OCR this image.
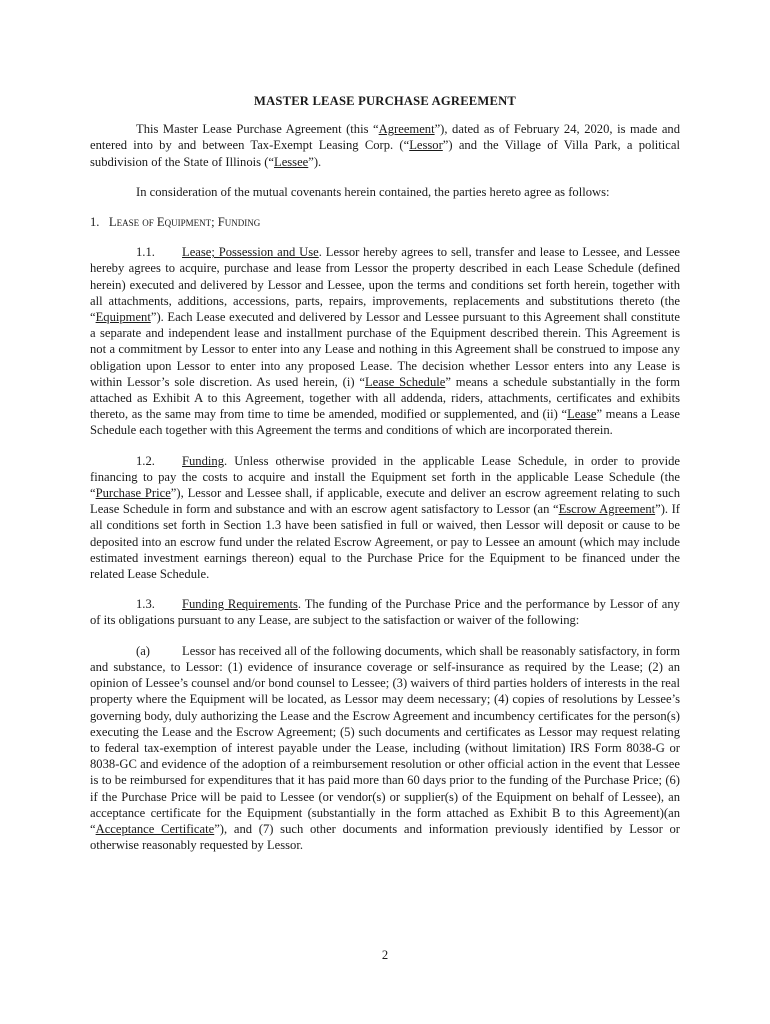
MASTER LEASE PURCHASE AGREEMENT

This Master Lease Purchase Agreement (this “Agreement”), dated as of February 24, 2020, is made and entered into by and between Tax-Exempt Leasing Corp. (“Lessor”) and the Village of Villa Park, a political subdivision of the State of Illinois (“Lessee”).

In consideration of the mutual covenants herein contained, the parties hereto agree as follows:

1. Lease of Equipment; Funding

1.1. Lease; Possession and Use. Lessor hereby agrees to sell, transfer and lease to Lessee, and Lessee hereby agrees to acquire, purchase and lease from Lessor the property described in each Lease Schedule (defined herein) executed and delivered by Lessor and Lessee, upon the terms and conditions set forth herein, together with all attachments, additions, accessions, parts, repairs, improvements, replacements and substitutions thereto (the “Equipment”). Each Lease executed and delivered by Lessor and Lessee pursuant to this Agreement shall constitute a separate and independent lease and installment purchase of the Equipment described therein. This Agreement is not a commitment by Lessor to enter into any Lease and nothing in this Agreement shall be construed to impose any obligation upon Lessor to enter into any proposed Lease. The decision whether Lessor enters into any Lease is within Lessor’s sole discretion. As used herein, (i) “Lease Schedule” means a schedule substantially in the form attached as Exhibit A to this Agreement, together with all addenda, riders, attachments, certificates and exhibits thereto, as the same may from time to time be amended, modified or supplemented, and (ii) “Lease” means a Lease Schedule each together with this Agreement the terms and conditions of which are incorporated therein.

1.2. Funding. Unless otherwise provided in the applicable Lease Schedule, in order to provide financing to pay the costs to acquire and install the Equipment set forth in the applicable Lease Schedule (the “Purchase Price”), Lessor and Lessee shall, if applicable, execute and deliver an escrow agreement relating to such Lease Schedule in form and substance and with an escrow agent satisfactory to Lessor (an “Escrow Agreement”). If all conditions set forth in Section 1.3 have been satisfied in full or waived, then Lessor will deposit or cause to be deposited into an escrow fund under the related Escrow Agreement, or pay to Lessee an amount (which may include estimated investment earnings thereon) equal to the Purchase Price for the Equipment to be financed under the related Lease Schedule.

1.3. Funding Requirements. The funding of the Purchase Price and the performance by Lessor of any of its obligations pursuant to any Lease, are subject to the satisfaction or waiver of the following:

(a)	Lessor has received all of the following documents, which shall be reasonably satisfactory, in form and substance, to Lessor: (1) evidence of insurance coverage or self-insurance as required by the Lease; (2) an opinion of Lessee’s counsel and/or bond counsel to Lessee; (3) waivers of third parties holders of interests in the real property where the Equipment will be located, as Lessor may deem necessary; (4) copies of resolutions by Lessee’s governing body, duly authorizing the Lease and the Escrow Agreement and incumbency certificates for the person(s) executing the Lease and the Escrow Agreement; (5) such documents and certificates as Lessor may request relating to federal tax-exemption of interest payable under the Lease, including (without limitation) IRS Form 8038-G or 8038-GC and evidence of the adoption of a reimbursement resolution or other official action in the event that Lessee is to be reimbursed for expenditures that it has paid more than 60 days prior to the funding of the Purchase Price; (6) if the Purchase Price will be paid to Lessee (or vendor(s) or supplier(s) of the Equipment on behalf of Lessee), an acceptance certificate for the Equipment (substantially in the form attached as Exhibit B to this Agreement)(an “Acceptance Certificate”), and (7) such other documents and information previously identified by Lessor or otherwise reasonably requested by Lessor.

2
